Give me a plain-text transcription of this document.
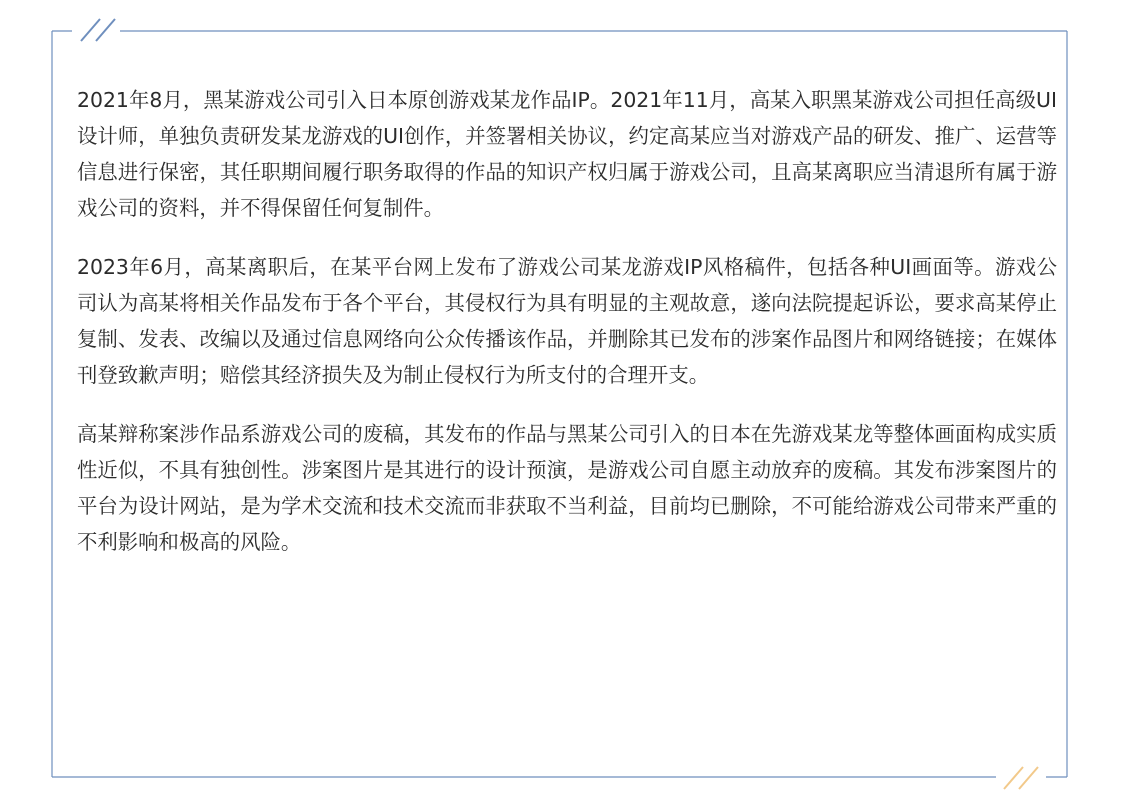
2021年8月，黑某游戏公司引入日本原创游戏某龙作品IP。2021年11月，高某入职黑某游戏公司担任高级UI设计师，单独负责研发某龙游戏的UI创作，并签署相关协议，约定高某应当对游戏产品的研发、推广、运营等信息进行保密，其任职期间履行职务取得的作品的知识产权归属于游戏公司，且高某离职应当清退所有属于游戏公司的资料，并不得保留任何复制件。

2023年6月，高某离职后，在某平台网上发布了游戏公司某龙游戏IP风格稿件，包括各种UI画面等。游戏公司认为高某将相关作品发布于各个平台，其侵权行为具有明显的主观故意，遂向法院提起诉讼，要求高某停止复制、发表、改编以及通过信息网络向公众传播该作品，并删除其已发布的涉案作品图片和网络链接；在媒体刊登致歉声明；赔偿其经济损失及为制止侵权行为所支付的合理开支。

高某辩称案涉作品系游戏公司的废稿，其发布的作品与黑某公司引入的日本在先游戏某龙等整体画面构成实质性近似，不具有独创性。涉案图片是其进行的设计预演，是游戏公司自愿主动放弃的废稿。其发布涉案图片的平台为设计网站，是为学术交流和技术交流而非获取不当利益，目前均已删除，不可能给游戏公司带来严重的不利影响和极高的风险。
